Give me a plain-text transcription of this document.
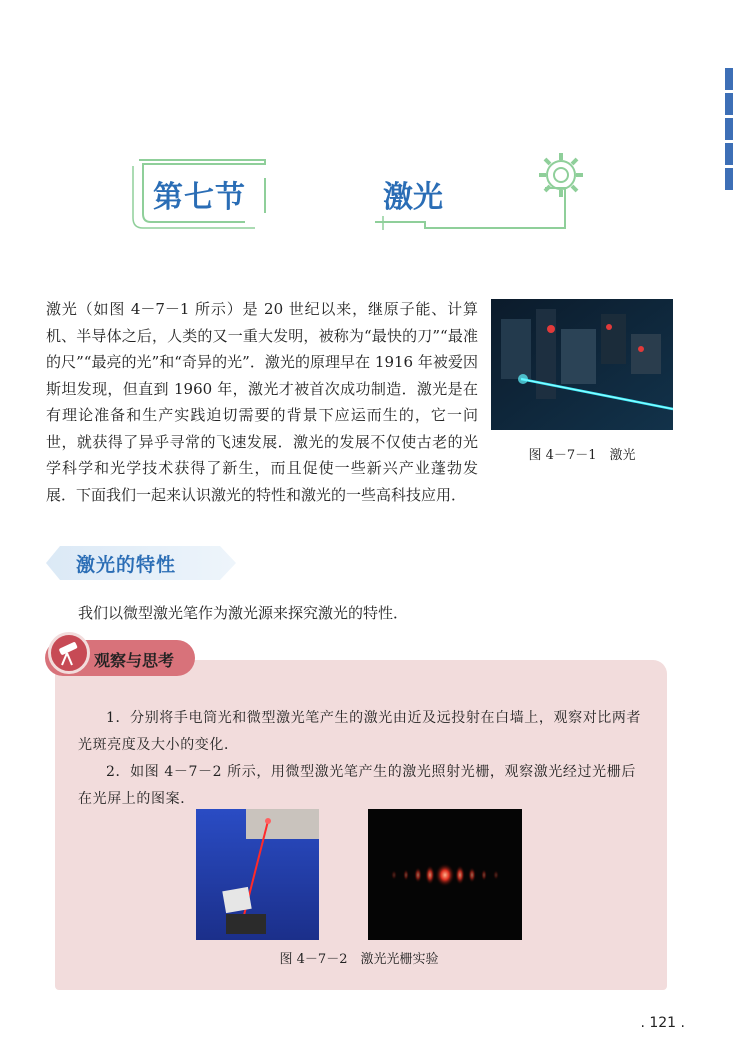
第七节	激光

激光（如图 4－7－1 所示）是 20 世纪以来，继原子能、计算机、半导体之后，人类的又一重大发明，被称为“最快的刀”“最准的尺”“最亮的光”和“奇异的光”．激光的原理早在 1916 年被爱因斯坦发现，但直到 1960 年，激光才被首次成功制造．激光是在有理论准备和生产实践迫切需要的背景下应运而生的，它一问世，就获得了异乎寻常的飞速发展．激光的发展不仅使古老的光学科学和光学技术获得了新生，而且促使一些新兴产业蓬勃发展．下面我们一起来认识激光的特性和激光的一些高科技应用．

图 4－7－1　激光
激光的特性

我们以微型激光笔作为激光源来探究激光的特性．

观察与思考

1．分别将手电筒光和微型激光笔产生的激光由近及远投射在白墙上，观察对比两者光斑亮度及大小的变化．

2．如图 4－7－2 所示，用微型激光笔产生的激光照射光栅，观察激光经过光栅后在光屏上的图案．

图 4－7－2　激光光栅实验
. 121 .
